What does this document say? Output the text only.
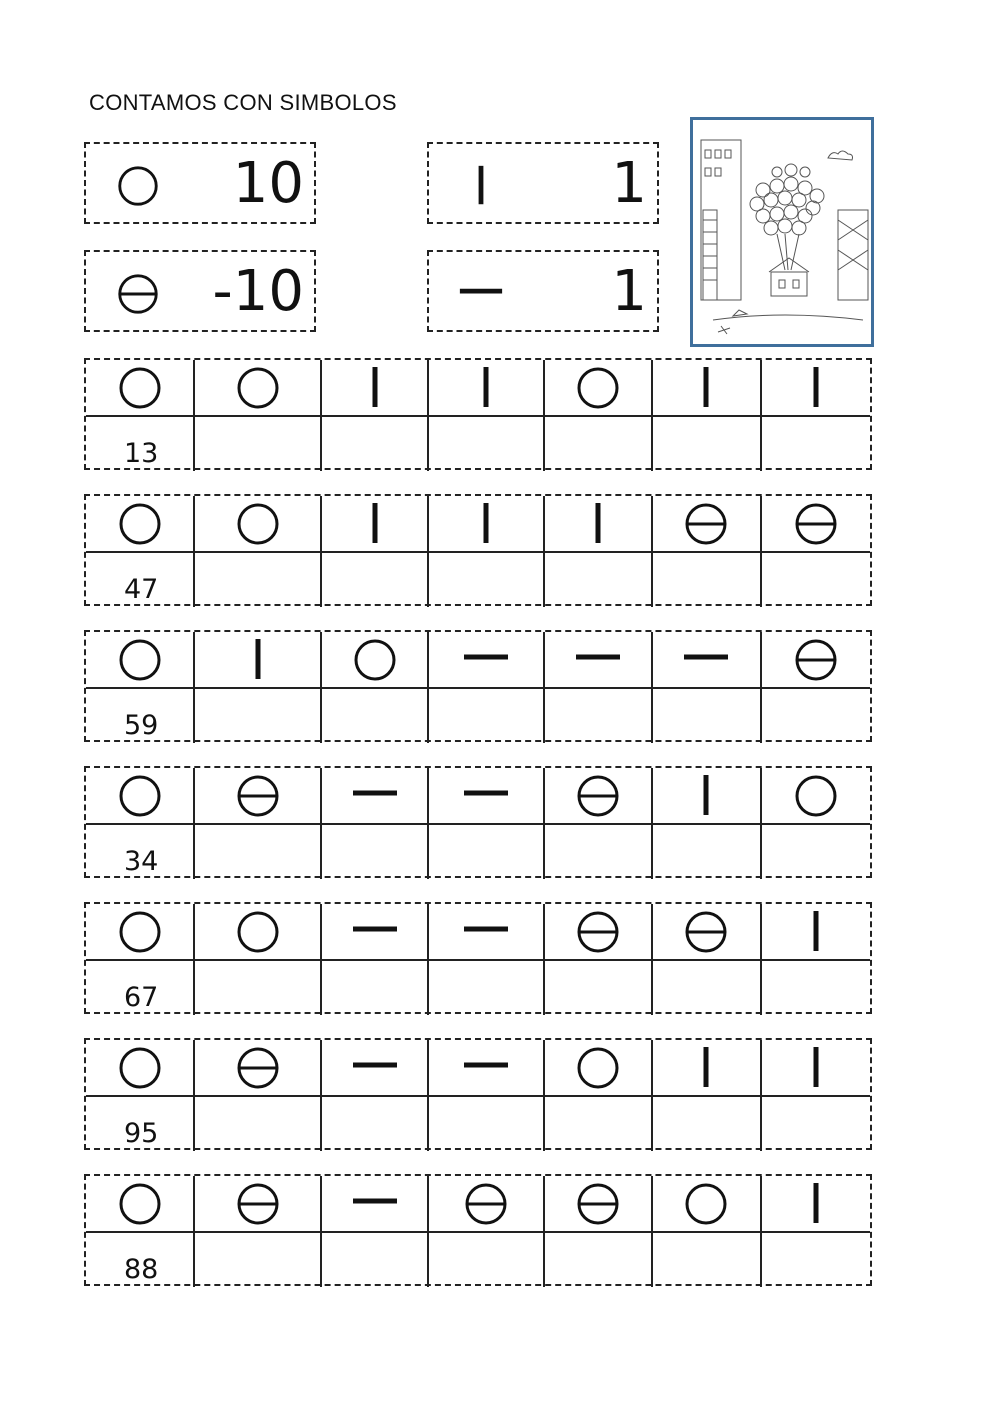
CONTAMOS CON SIMBOLOS
10	1
-10	1
13
47
59
34
67
95
88
